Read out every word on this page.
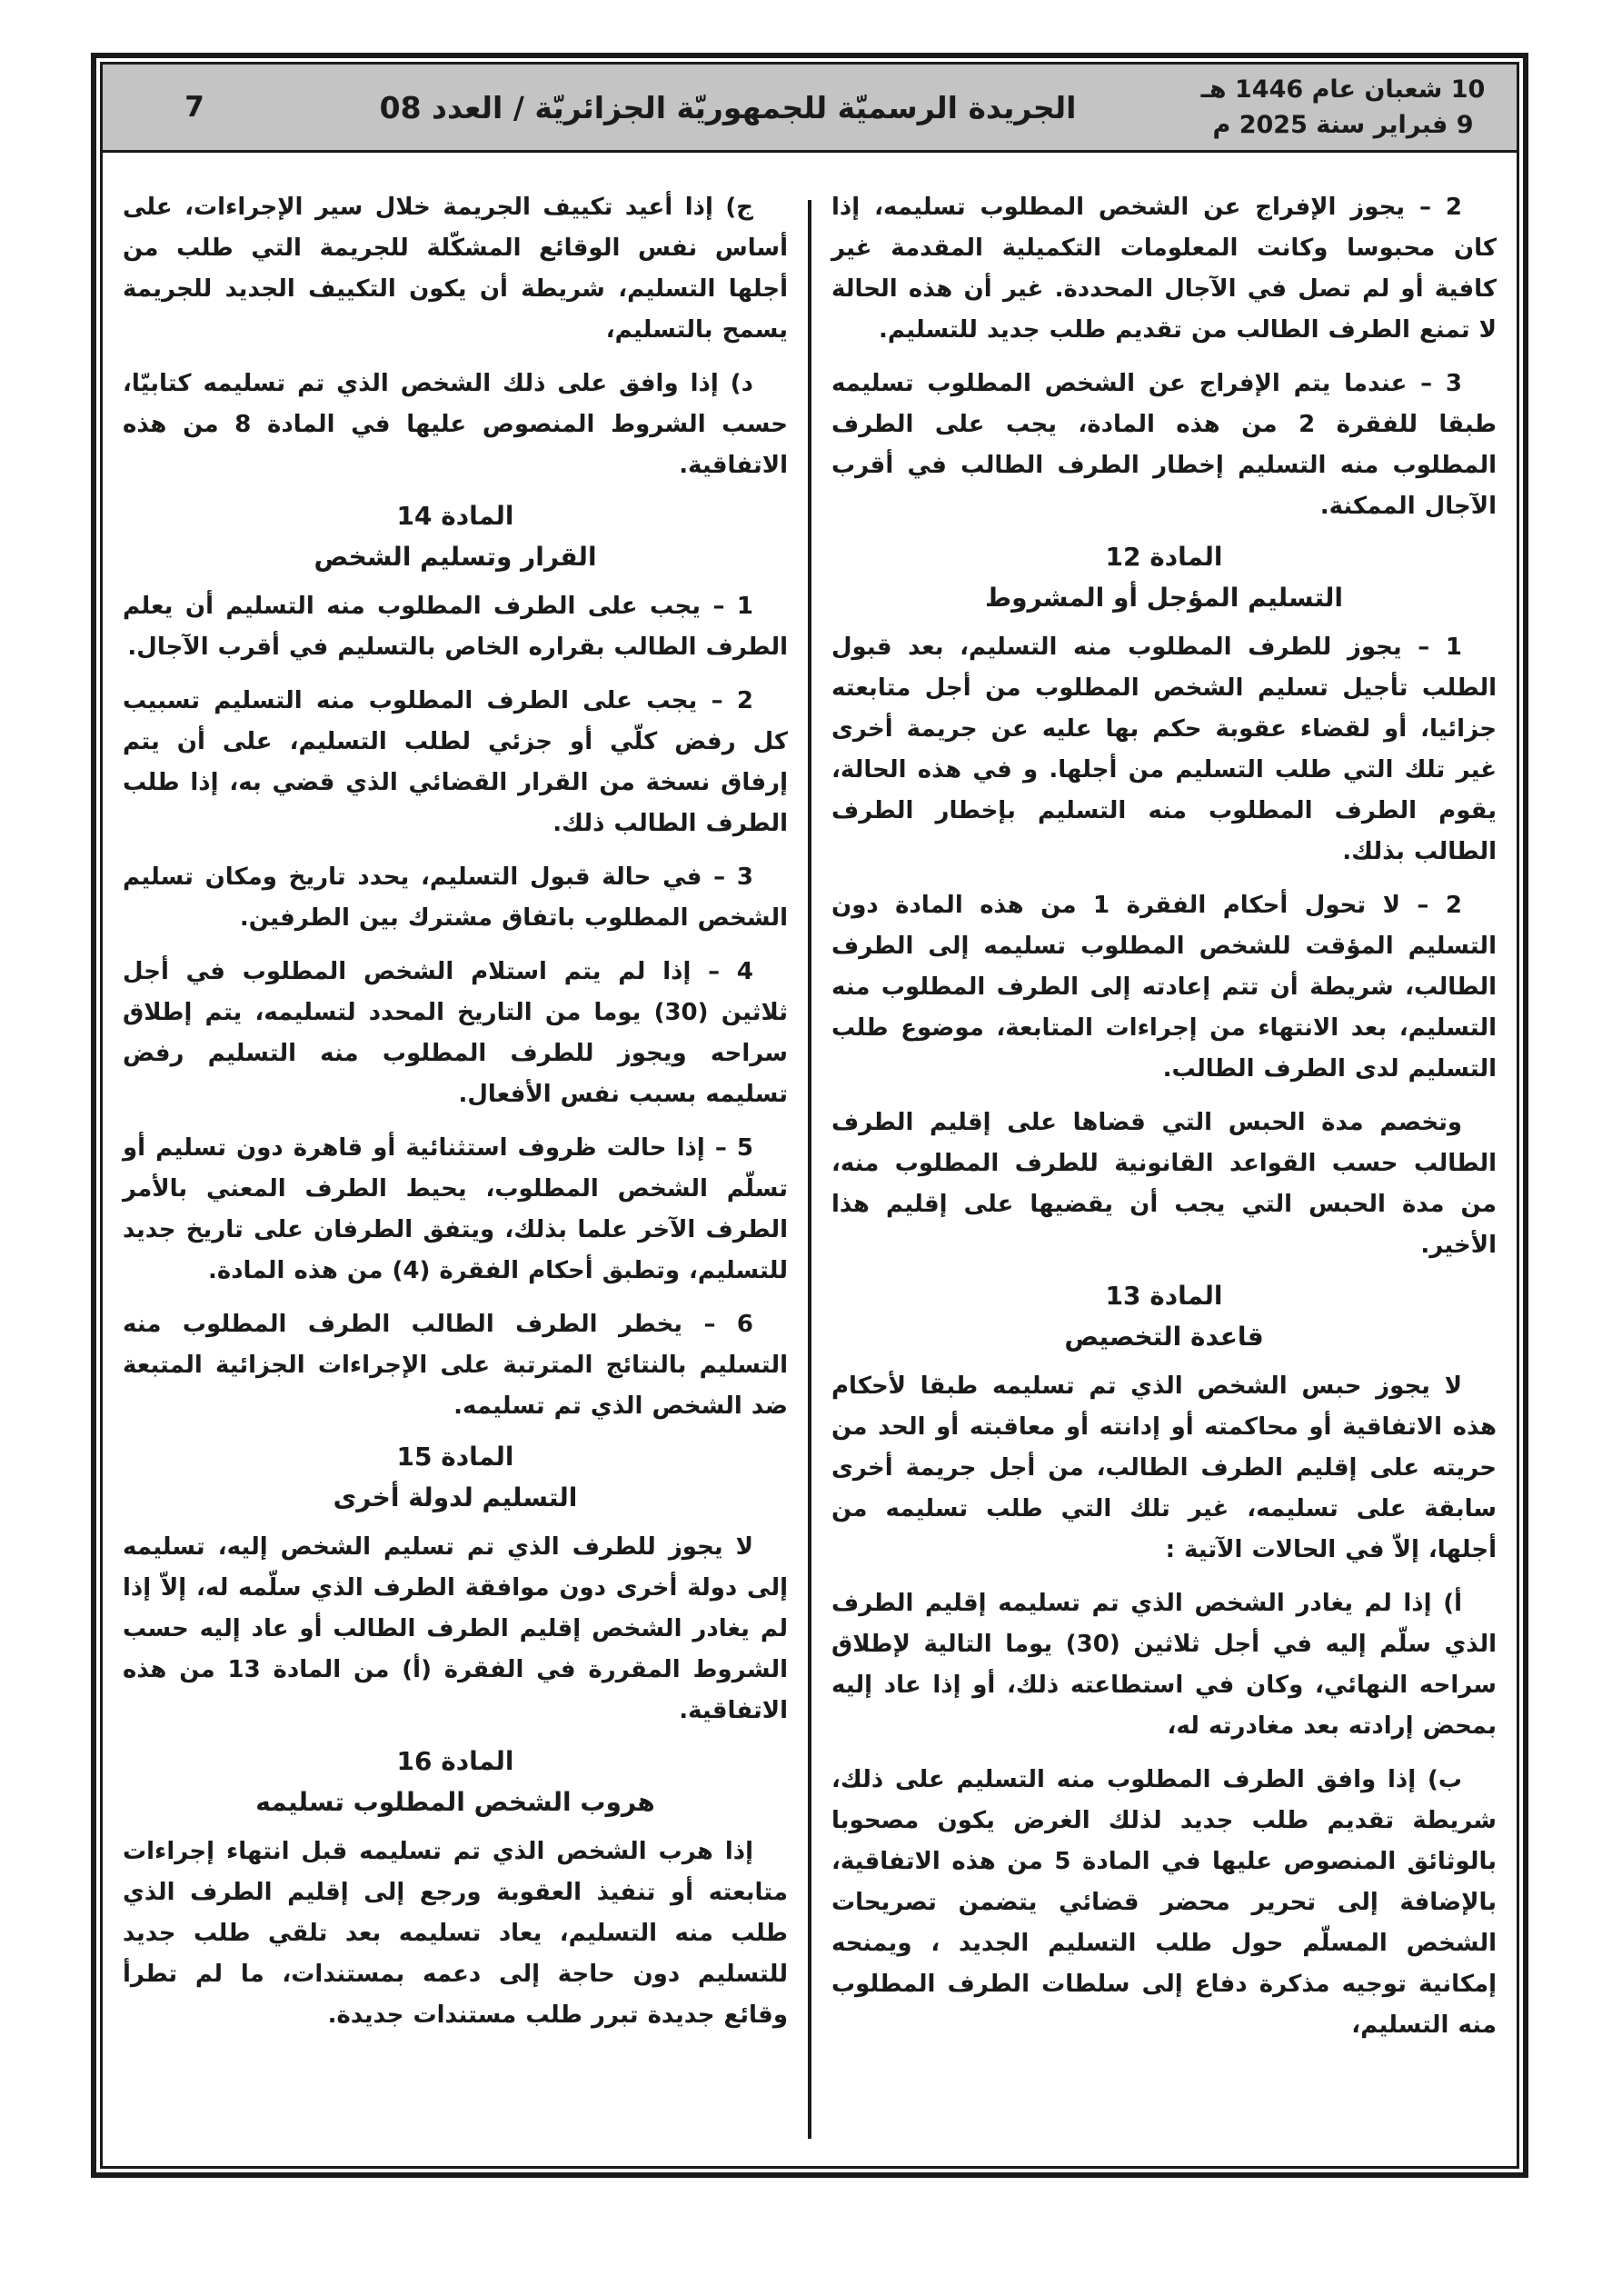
10 شعبان عام 1446 هـ
9 فبراير سنة 2025 م
الجريدة الرسميّة للجمهوريّة الجزائريّة / العدد 08
7

2 – يجوز الإفراج عن الشخص المطلوب تسليمه، إذا كان محبوسا وكانت المعلومات التكميلية المقدمة غير كافية أو لم تصل في الآجال المحددة. غير أن هذه الحالة لا تمنع الطرف الطالب من تقديم طلب جديد للتسليم.

3 – عندما يتم الإفراج عن الشخص المطلوب تسليمه طبقا للفقرة 2 من هذه المادة، يجب على الطرف المطلوب منه التسليم إخطار الطرف الطالب في أقرب الآجال الممكنة.

المادة 12
التسليم المؤجل أو المشروط

1 – يجوز للطرف المطلوب منه التسليم، بعد قبول الطلب تأجيل تسليم الشخص المطلوب من أجل متابعته جزائيا، أو لقضاء عقوبة حكم بها عليه عن جريمة أخرى غير تلك التي طلب التسليم من أجلها. و في هذه الحالة، يقوم الطرف المطلوب منه التسليم بإخطار الطرف الطالب بذلك.

2 – لا تحول أحكام الفقرة 1 من هذه المادة دون التسليم المؤقت للشخص المطلوب تسليمه إلى الطرف الطالب، شريطة أن تتم إعادته إلى الطرف المطلوب منه التسليم، بعد الانتهاء من إجراءات المتابعة، موضوع طلب التسليم لدى الطرف الطالب.

وتخصم مدة الحبس التي قضاها على إقليم الطرف الطالب حسب القواعد القانونية للطرف المطلوب منه، من مدة الحبس التي يجب أن يقضيها على إقليم هذا الأخير.

المادة 13
قاعدة التخصيص

لا يجوز حبس الشخص الذي تم تسليمه طبقا لأحكام هذه الاتفاقية أو محاكمته أو إدانته أو معاقبته أو الحد من حريته على إقليم الطرف الطالب، من أجل جريمة أخرى سابقة على تسليمه، غير تلك التي طلب تسليمه من أجلها، إلاّ في الحالات الآتية :

أ) إذا لم يغادر الشخص الذي تم تسليمه إقليم الطرف الذي سلّم إليه في أجل ثلاثين (30) يوما التالية لإطلاق سراحه النهائي، وكان في استطاعته ذلك، أو إذا عاد إليه بمحض إرادته بعد مغادرته له،

ب) إذا وافق الطرف المطلوب منه التسليم على ذلك، شريطة تقديم طلب جديد لذلك الغرض يكون مصحوبا بالوثائق المنصوص عليها في المادة 5 من هذه الاتفاقية، بالإضافة إلى تحرير محضر قضائي يتضمن تصريحات الشخص المسلّم حول طلب التسليم الجديد ، ويمنحه إمكانية توجيه مذكرة دفاع إلى سلطات الطرف المطلوب منه التسليم،

ج) إذا أعيد تكييف الجريمة خلال سير الإجراءات، على أساس نفس الوقائع المشكّلة للجريمة التي طلب من أجلها التسليم، شريطة أن يكون التكييف الجديد للجريمة يسمح بالتسليم،

د) إذا وافق على ذلك الشخص الذي تم تسليمه كتابيّا، حسب الشروط المنصوص عليها في المادة 8 من هذه الاتفاقية.

المادة 14
القرار وتسليم الشخص

1 – يجب على الطرف المطلوب منه التسليم أن يعلم الطرف الطالب بقراره الخاص بالتسليم في أقرب الآجال.

2 – يجب على الطرف المطلوب منه التسليم تسبيب كل رفض كلّي أو جزئي لطلب التسليم، على أن يتم إرفاق نسخة من القرار القضائي الذي قضي به، إذا طلب الطرف الطالب ذلك.

3 – في حالة قبول التسليم، يحدد تاريخ ومكان تسليم الشخص المطلوب باتفاق مشترك بين الطرفين.

4 – إذا لم يتم استلام الشخص المطلوب في أجل ثلاثين (30) يوما من التاريخ المحدد لتسليمه، يتم إطلاق سراحه ويجوز للطرف المطلوب منه التسليم رفض تسليمه بسبب نفس الأفعال.

5 – إذا حالت ظروف استثنائية أو قاهرة دون تسليم أو تسلّم الشخص المطلوب، يحيط الطرف المعني بالأمر الطرف الآخر علما بذلك، ويتفق الطرفان على تاريخ جديد للتسليم، وتطبق أحكام الفقرة (4) من هذه المادة.

6 – يخطر الطرف الطالب الطرف المطلوب منه التسليم بالنتائج المترتبة على الإجراءات الجزائية المتبعة ضد الشخص الذي تم تسليمه.

المادة 15
التسليم لدولة أخرى

لا يجوز للطرف الذي تم تسليم الشخص إليه، تسليمه إلى دولة أخرى دون موافقة الطرف الذي سلّمه له، إلاّ إذا لم يغادر الشخص إقليم الطرف الطالب أو عاد إليه حسب الشروط المقررة في الفقرة (أ) من المادة 13 من هذه الاتفاقية.

المادة 16
هروب الشخص المطلوب تسليمه

إذا هرب الشخص الذي تم تسليمه قبل انتهاء إجراءات متابعته أو تنفيذ العقوبة ورجع إلى إقليم الطرف الذي طلب منه التسليم، يعاد تسليمه بعد تلقي طلب جديد للتسليم دون حاجة إلى دعمه بمستندات، ما لم تطرأ وقائع جديدة تبرر طلب مستندات جديدة.
